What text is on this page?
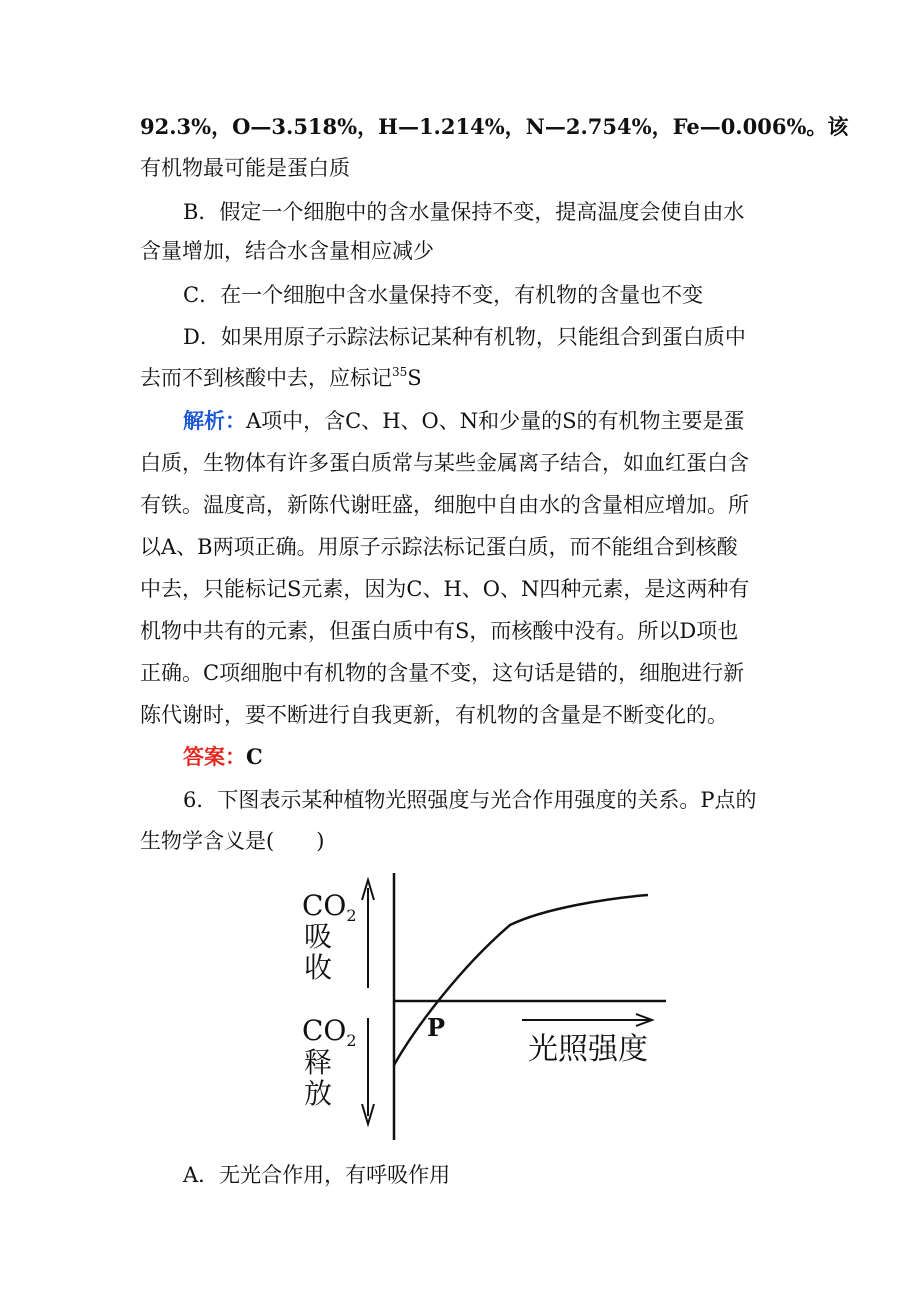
92.3%，O—3.518%，H—1.214%，N—2.754%，Fe—0.006%。该
有机物最可能是蛋白质
B．假定一个细胞中的含水量保持不变，提高温度会使自由水
含量增加，结合水含量相应减少
C．在一个细胞中含水量保持不变，有机物的含量也不变
D．如果用原子示踪法标记某种有机物，只能组合到蛋白质中
去而不到核酸中去，应标记$^{35}$S
解析：A项中，含C、H、O、N和少量的S的有机物主要是蛋
白质，生物体有许多蛋白质常与某些金属离子结合，如血红蛋白含
有铁。温度高，新陈代谢旺盛，细胞中自由水的含量相应增加。所
以A、B两项正确。用原子示踪法标记蛋白质，而不能组合到核酸
中去，只能标记S元素，因为C、H、O、N四种元素，是这两种有
机物中共有的元素，但蛋白质中有S，而核酸中没有。所以D项也
正确。C项细胞中有机物的含量不变，这句话是错的，细胞进行新
陈代谢时，要不断进行自我更新，有机物的含量是不断变化的。
答案：C
6．下图表示某种植物光照强度与光合作用强度的关系。P点的
生物学含义是(　　)
$CO_2$
吸
收
$CO_2$
释
放
P
光照强度
A．无光合作用，有呼吸作用
